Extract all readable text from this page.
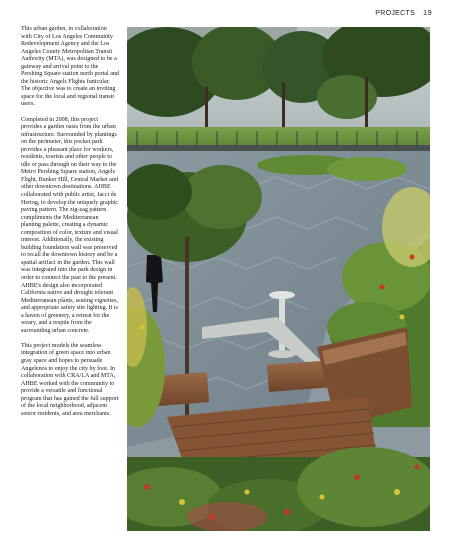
PROJECTS 19

This urban garden, in collaboration with City of Los Angeles Community Redevelopment Agency and the Los Angeles County Metropolitan Transit Authority (MTA), was designed to be a gateway and arrival point to the Pershing Square station north portal and the historic Angels Flights funicular. The objective was to create an inviting space for the local and regional transit users.

Completed in 2008, this project provides a garden oasis from the urban infrastructure. Surrounded by plantings on the perimeter, this pocket park provides a pleasant place for workers, residents, tourists and other people to idle or pass through on their way to the Metro Pershing Square station, Angels Flight, Bunker Hill, Central Market and other downtown destinations. AHBE collaborated with public artist, Jacci de Hertog, to develop the uniquely graphic paving pattern. The zig-zag pattern compliments the Mediterranean planting palette, creating a dynamic composition of color, texture and visual interest. Additionally, the existing building foundation wall was preserved to recall the downtown history and be a spatial artifact in the garden. This wall was integrated into the park design in order to connect the past to the present. AHBE's design also incorporated California native and drought tolerant Mediterranean plants, seating vignettes, and appropriate safety site lighting. It is a haven of greenery, a retreat for the weary, and a respite from the surrounding urban concrete.

This project models the seamless integration of green space into urban gray space and hopes to persuade Angelenos to enjoy the city by foot. In collaboration with CRA/LA and MTA, AHBE worked with the community to provide a versatile and functional program that has gained the full support of the local neighborhood, adjacent senior residents, and area merchants.
